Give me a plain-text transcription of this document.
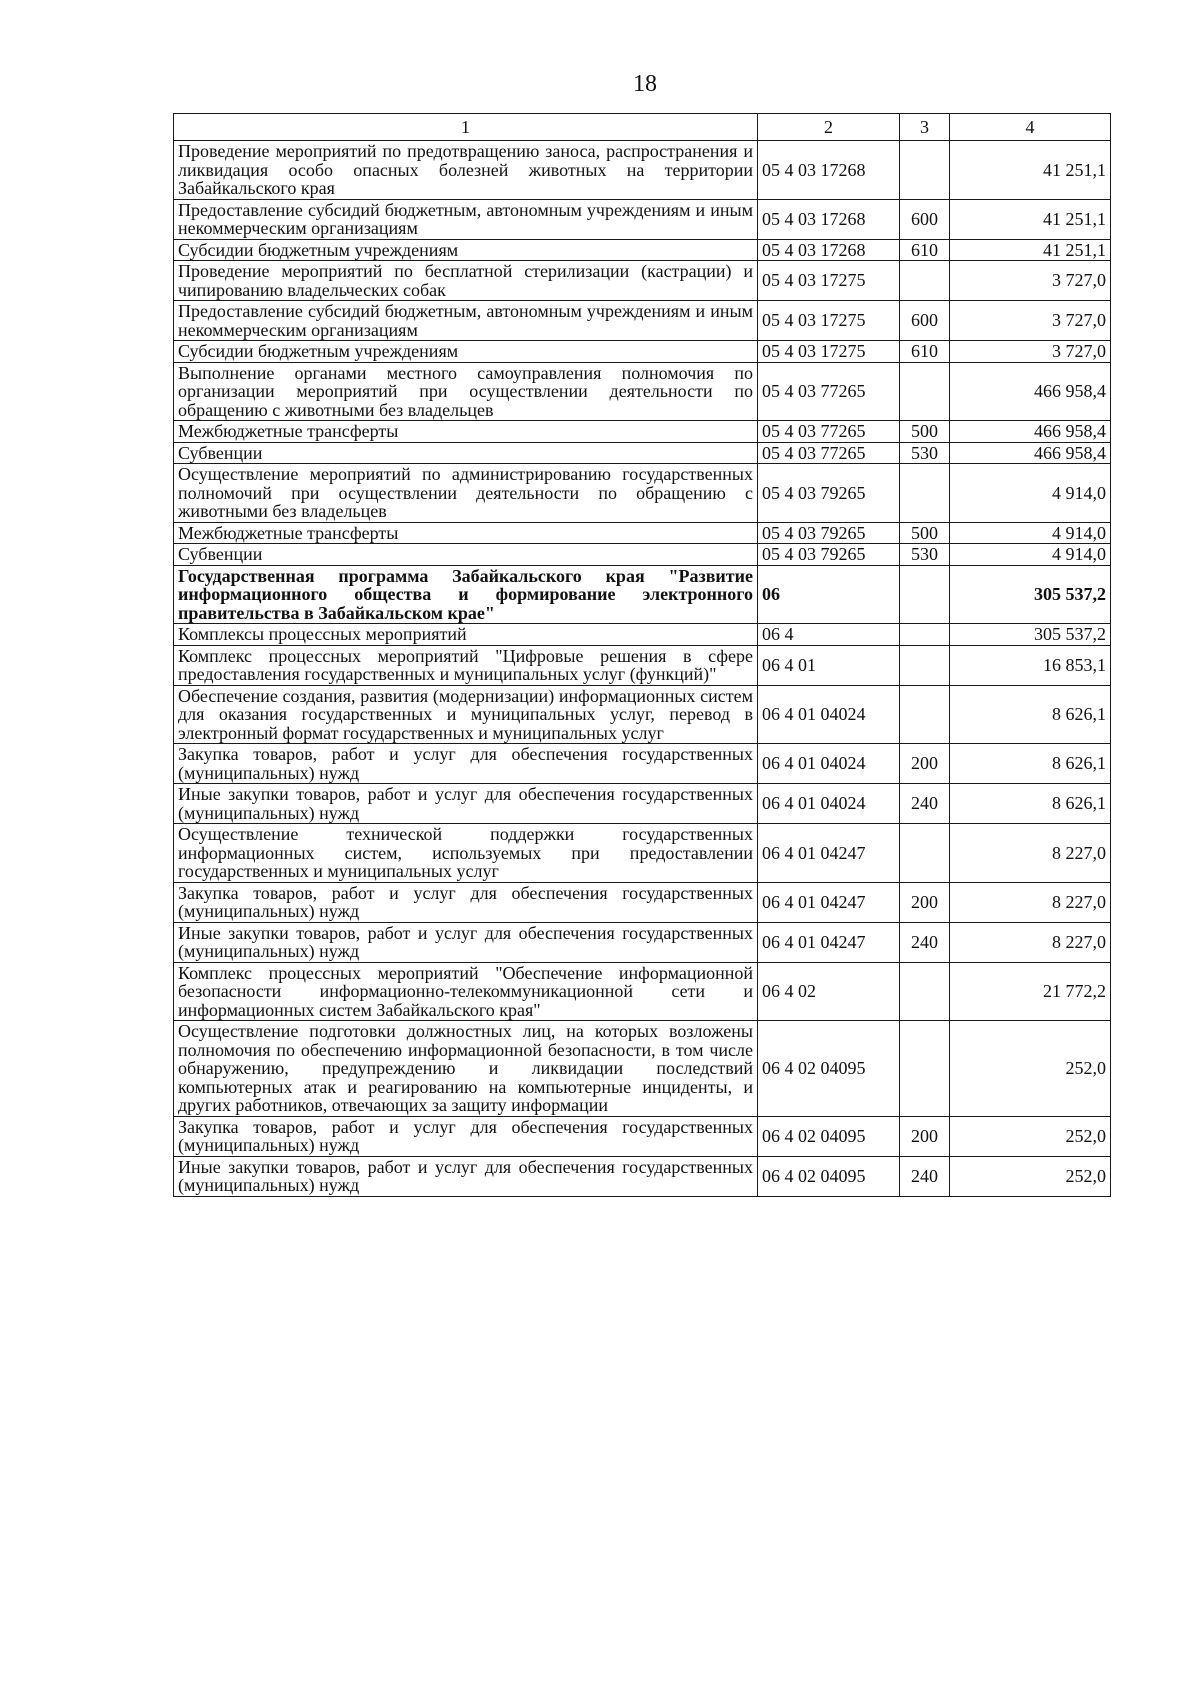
18
1	2	3	4
Проведение мероприятий по предотвращению заноса, распространения и ликвидация особо опасных болезней животных на территории Забайкальского края	05 4 03 17268		41 251,1
Предоставление субсидий бюджетным, автономным учреждениям и иным некоммерческим организациям	05 4 03 17268	600	41 251,1
Субсидии бюджетным учреждениям	05 4 03 17268	610	41 251,1
Проведение мероприятий по бесплатной стерилизации (кастрации) и чипированию владельческих собак	05 4 03 17275		3 727,0
Предоставление субсидий бюджетным, автономным учреждениям и иным некоммерческим организациям	05 4 03 17275	600	3 727,0
Субсидии бюджетным учреждениям	05 4 03 17275	610	3 727,0
Выполнение органами местного самоуправления полномочия по организации мероприятий при осуществлении деятельности по обращению с животными без владельцев	05 4 03 77265		466 958,4
Межбюджетные трансферты	05 4 03 77265	500	466 958,4
Субвенции	05 4 03 77265	530	466 958,4
Осуществление мероприятий по администрированию государственных полномочий при осуществлении деятельности по обращению с животными без владельцев	05 4 03 79265		4 914,0
Межбюджетные трансферты	05 4 03 79265	500	4 914,0
Субвенции	05 4 03 79265	530	4 914,0
Государственная программа Забайкальского края "Развитие информационного общества и формирование электронного правительства в Забайкальском крае"	06		305 537,2
Комплексы процессных мероприятий	06 4		305 537,2
Комплекс процессных мероприятий "Цифровые решения в сфере предоставления государственных и муниципальных услуг (функций)"	06 4 01		16 853,1
Обеспечение создания, развития (модернизации) информационных систем для оказания государственных и муниципальных услуг, перевод в электронный формат государственных и муниципальных услуг	06 4 01 04024		8 626,1
Закупка товаров, работ и услуг для обеспечения государственных (муниципальных) нужд	06 4 01 04024	200	8 626,1
Иные закупки товаров, работ и услуг для обеспечения государственных (муниципальных) нужд	06 4 01 04024	240	8 626,1
Осуществление технической поддержки государственных информационных систем, используемых при предоставлении государственных и муниципальных услуг	06 4 01 04247		8 227,0
Закупка товаров, работ и услуг для обеспечения государственных (муниципальных) нужд	06 4 01 04247	200	8 227,0
Иные закупки товаров, работ и услуг для обеспечения государственных (муниципальных) нужд	06 4 01 04247	240	8 227,0
Комплекс процессных мероприятий "Обеспечение информационной безопасности информационно-телекоммуникационной сети и информационных систем Забайкальского края"	06 4 02		21 772,2
Осуществление подготовки должностных лиц, на которых возложены полномочия по обеспечению информационной безопасности, в том числе обнаружению, предупреждению и ликвидации последствий компьютерных атак и реагированию на компьютерные инциденты, и других работников, отвечающих за защиту информации	06 4 02 04095		252,0
Закупка товаров, работ и услуг для обеспечения государственных (муниципальных) нужд	06 4 02 04095	200	252,0
Иные закупки товаров, работ и услуг для обеспечения государственных (муниципальных) нужд	06 4 02 04095	240	252,0
